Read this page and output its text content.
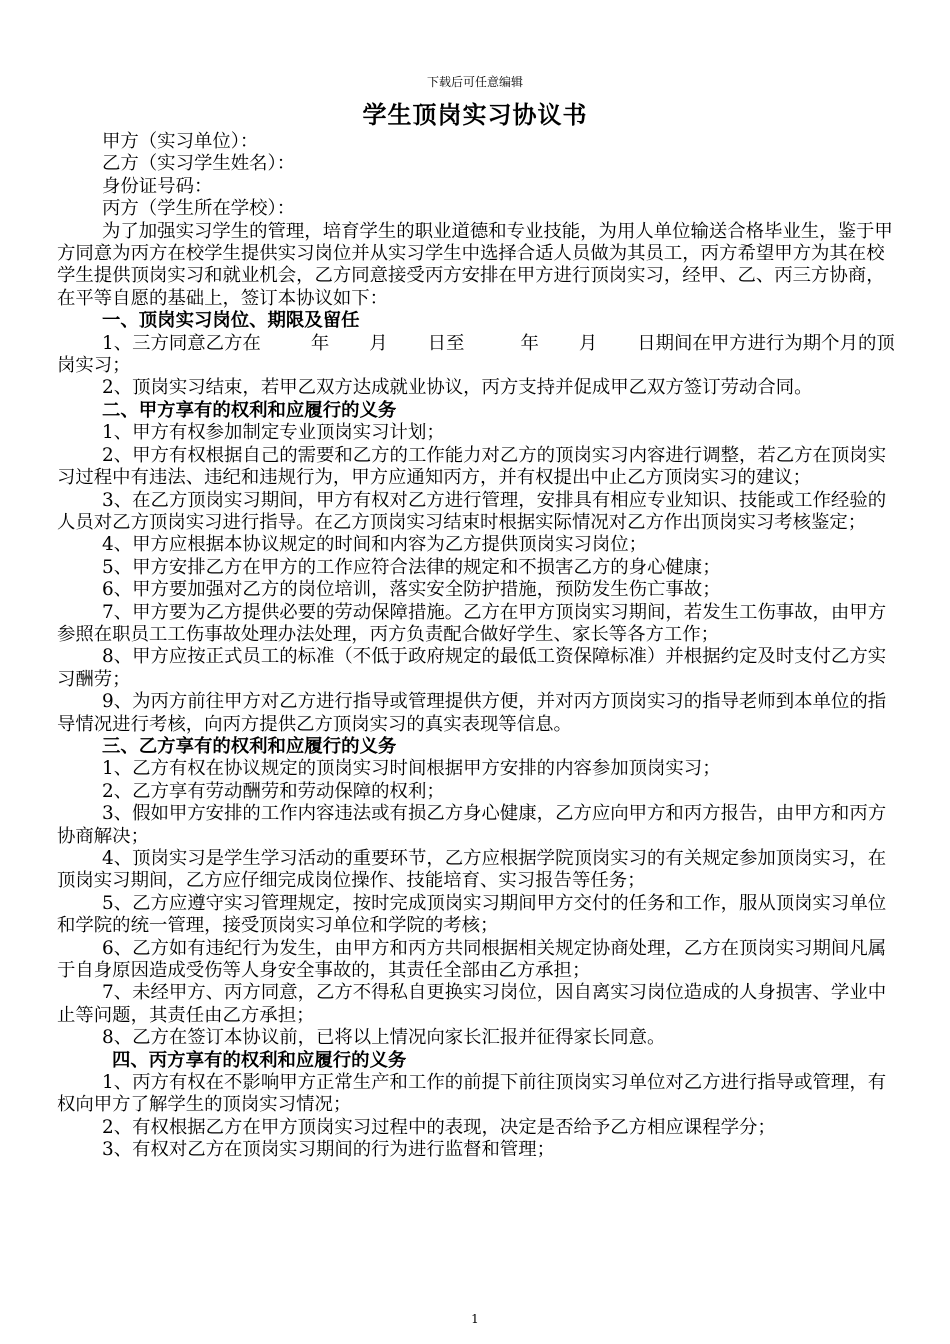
下载后可任意编辑
学生顶岗实习协议书

甲方（实习单位）：

乙方（实习学生姓名）：

身份证号码：

丙方（学生所在学校）：

为了加强实习学生的管理，培育学生的职业道德和专业技能，为用人单位输送合格毕业生，鉴于甲方同意为丙方在校学生提供实习岗位并从实习学生中选择合适人员做为其员工，丙方希望甲方为其在校学生提供顶岗实习和就业机会，乙方同意接受丙方安排在甲方进行顶岗实习，经甲、乙、丙三方协商，在平等自愿的基础上，签订本协议如下：

一、顶岗实习岗位、期限及留任

1、三方同意乙方在	年 月 日至	年 月 日期间在甲方进行为期个月的顶岗实习；

2、顶岗实习结束，若甲乙双方达成就业协议，丙方支持并促成甲乙双方签订劳动合同。

二、甲方享有的权利和应履行的义务

1、甲方有权参加制定专业顶岗实习计划；

2、甲方有权根据自己的需要和乙方的工作能力对乙方的顶岗实习内容进行调整，若乙方在顶岗实习过程中有违法、违纪和违规行为，甲方应通知丙方，并有权提出中止乙方顶岗实习的建议；

3、在乙方顶岗实习期间，甲方有权对乙方进行管理，安排具有相应专业知识、技能或工作经验的人员对乙方顶岗实习进行指导。在乙方顶岗实习结束时根据实际情况对乙方作出顶岗实习考核鉴定；

4、甲方应根据本协议规定的时间和内容为乙方提供顶岗实习岗位；

5、甲方安排乙方在甲方的工作应符合法律的规定和不损害乙方的身心健康；

6、甲方要加强对乙方的岗位培训，落实安全防护措施，预防发生伤亡事故；

7、甲方要为乙方提供必要的劳动保障措施。乙方在甲方顶岗实习期间，若发生工伤事故，由甲方参照在职员工工伤事故处理办法处理，丙方负责配合做好学生、家长等各方工作；

8、甲方应按正式员工的标准（不低于政府规定的最低工资保障标准）并根据约定及时支付乙方实习酬劳；

9、为丙方前往甲方对乙方进行指导或管理提供方便，并对丙方顶岗实习的指导老师到本单位的指导情况进行考核，向丙方提供乙方顶岗实习的真实表现等信息。

三、乙方享有的权利和应履行的义务

1、乙方有权在协议规定的顶岗实习时间根据甲方安排的内容参加顶岗实习；

2、乙方享有劳动酬劳和劳动保障的权利；

3、假如甲方安排的工作内容违法或有损乙方身心健康，乙方应向甲方和丙方报告，由甲方和丙方协商解决；

4、顶岗实习是学生学习活动的重要环节，乙方应根据学院顶岗实习的有关规定参加顶岗实习，在顶岗实习期间，乙方应仔细完成岗位操作、技能培育、实习报告等任务；

5、乙方应遵守实习管理规定，按时完成顶岗实习期间甲方交付的任务和工作，服从顶岗实习单位和学院的统一管理，接受顶岗实习单位和学院的考核；

6、乙方如有违纪行为发生，由甲方和丙方共同根据相关规定协商处理，乙方在顶岗实习期间凡属于自身原因造成受伤等人身安全事故的，其责任全部由乙方承担；

7、未经甲方、丙方同意，乙方不得私自更换实习岗位，因自离实习岗位造成的人身损害、学业中止等问题，其责任由乙方承担；

8、乙方在签订本协议前，已将以上情况向家长汇报并征得家长同意。

四、丙方享有的权利和应履行的义务

1、丙方有权在不影响甲方正常生产和工作的前提下前往顶岗实习单位对乙方进行指导或管理，有权向甲方了解学生的顶岗实习情况；

2、有权根据乙方在甲方顶岗实习过程中的表现，决定是否给予乙方相应课程学分；

3、有权对乙方在顶岗实习期间的行为进行监督和管理；

1
